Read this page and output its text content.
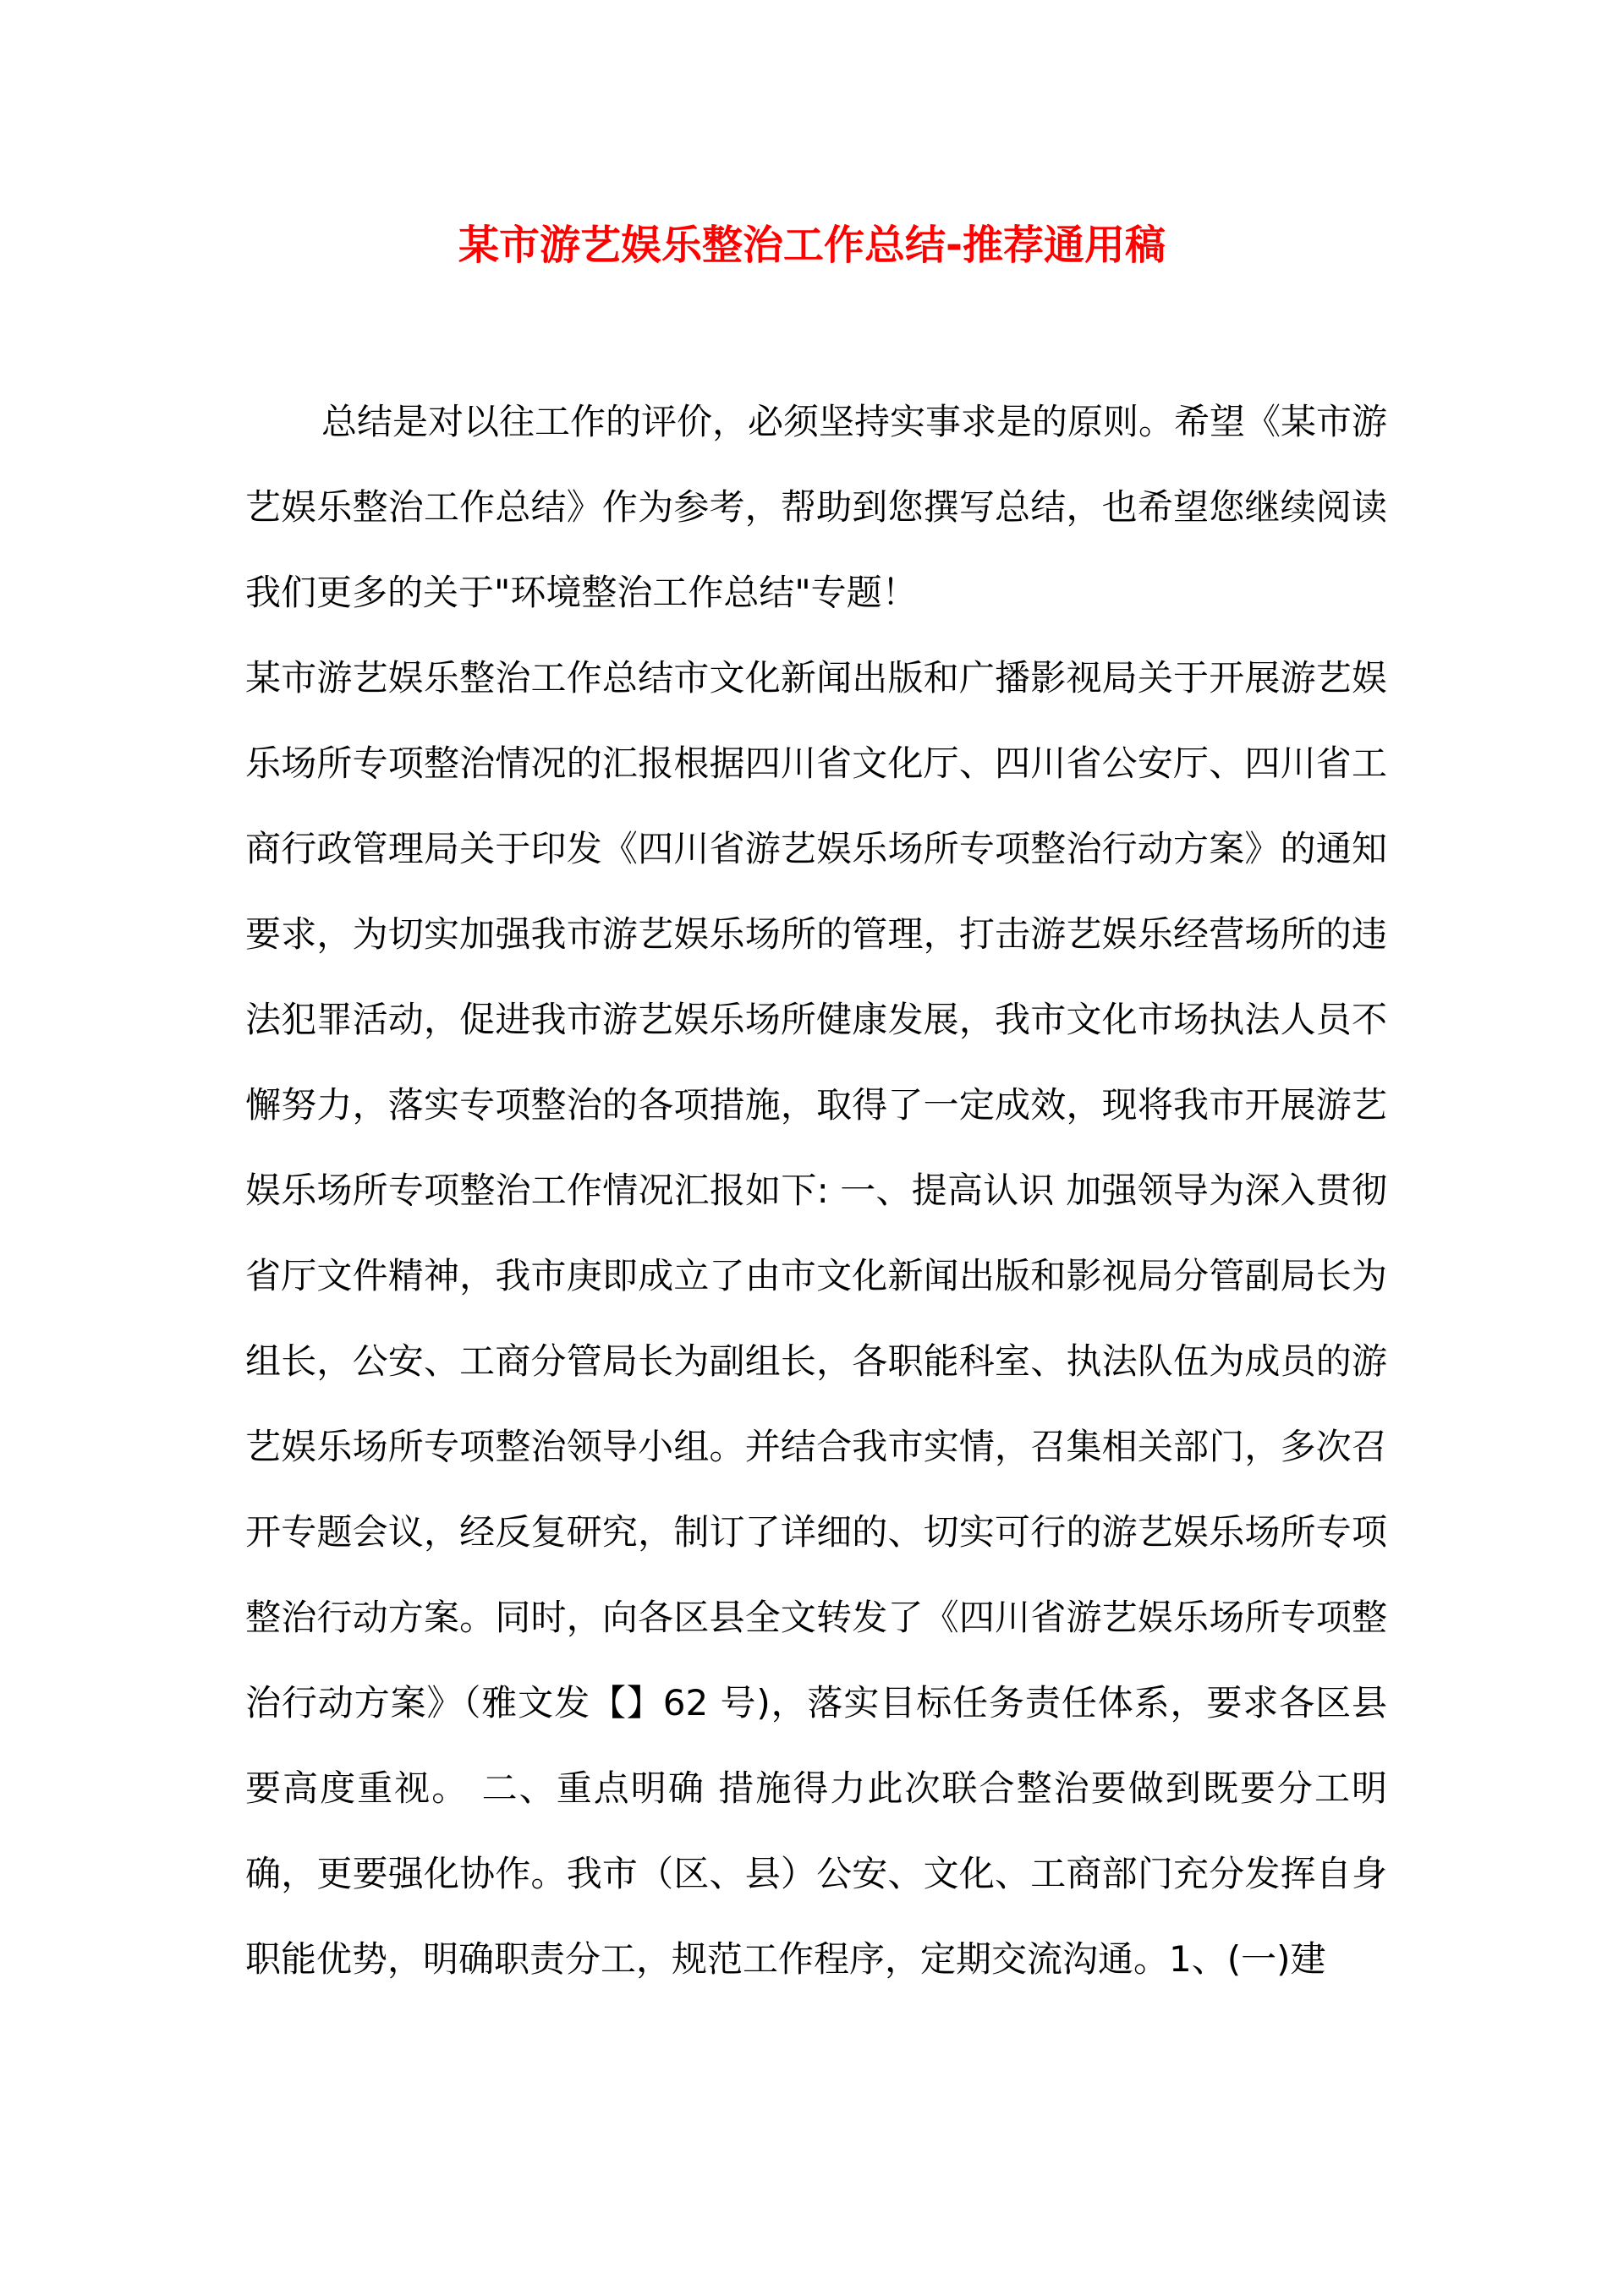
某市游艺娱乐整治工作总结-推荐通用稿

总结是对以往工作的评价，必须坚持实事求是的原则。希望《某市游艺娱乐整治工作总结》作为参考，帮助到您撰写总结，也希望您继续阅读我们更多的关于"环境整治工作总结"专题！

某市游艺娱乐整治工作总结市文化新闻出版和广播影视局关于开展游艺娱乐场所专项整治情况的汇报根据四川省文化厅、四川省公安厅、四川省工商行政管理局关于印发《四川省游艺娱乐场所专项整治行动方案》的通知要求，为切实加强我市游艺娱乐场所的管理，打击游艺娱乐经营场所的违法犯罪活动，促进我市游艺娱乐场所健康发展，我市文化市场执法人员不懈努力，落实专项整治的各项措施，取得了一定成效，现将我市开展游艺娱乐场所专项整治工作情况汇报如下: 一、提高认识 加强领导为深入贯彻省厅文件精神，我市庚即成立了由市文化新闻出版和影视局分管副局长为组长，公安、工商分管局长为副组长，各职能科室、执法队伍为成员的游艺娱乐场所专项整治领导小组。并结合我市实情，召集相关部门，多次召开专题会议，经反复研究，制订了详细的、切实可行的游艺娱乐场所专项整治行动方案。同时，向各区县全文转发了《四川省游艺娱乐场所专项整治行动方案》（雅文发【】62 号)，落实目标任务责任体系，要求各区县要高度重视。 二、重点明确 措施得力此次联合整治要做到既要分工明确，更要强化协作。我市（区、县）公安、文化、工商部门充分发挥自身职能优势，明确职责分工，规范工作程序，定期交流沟通。1、(一)建
